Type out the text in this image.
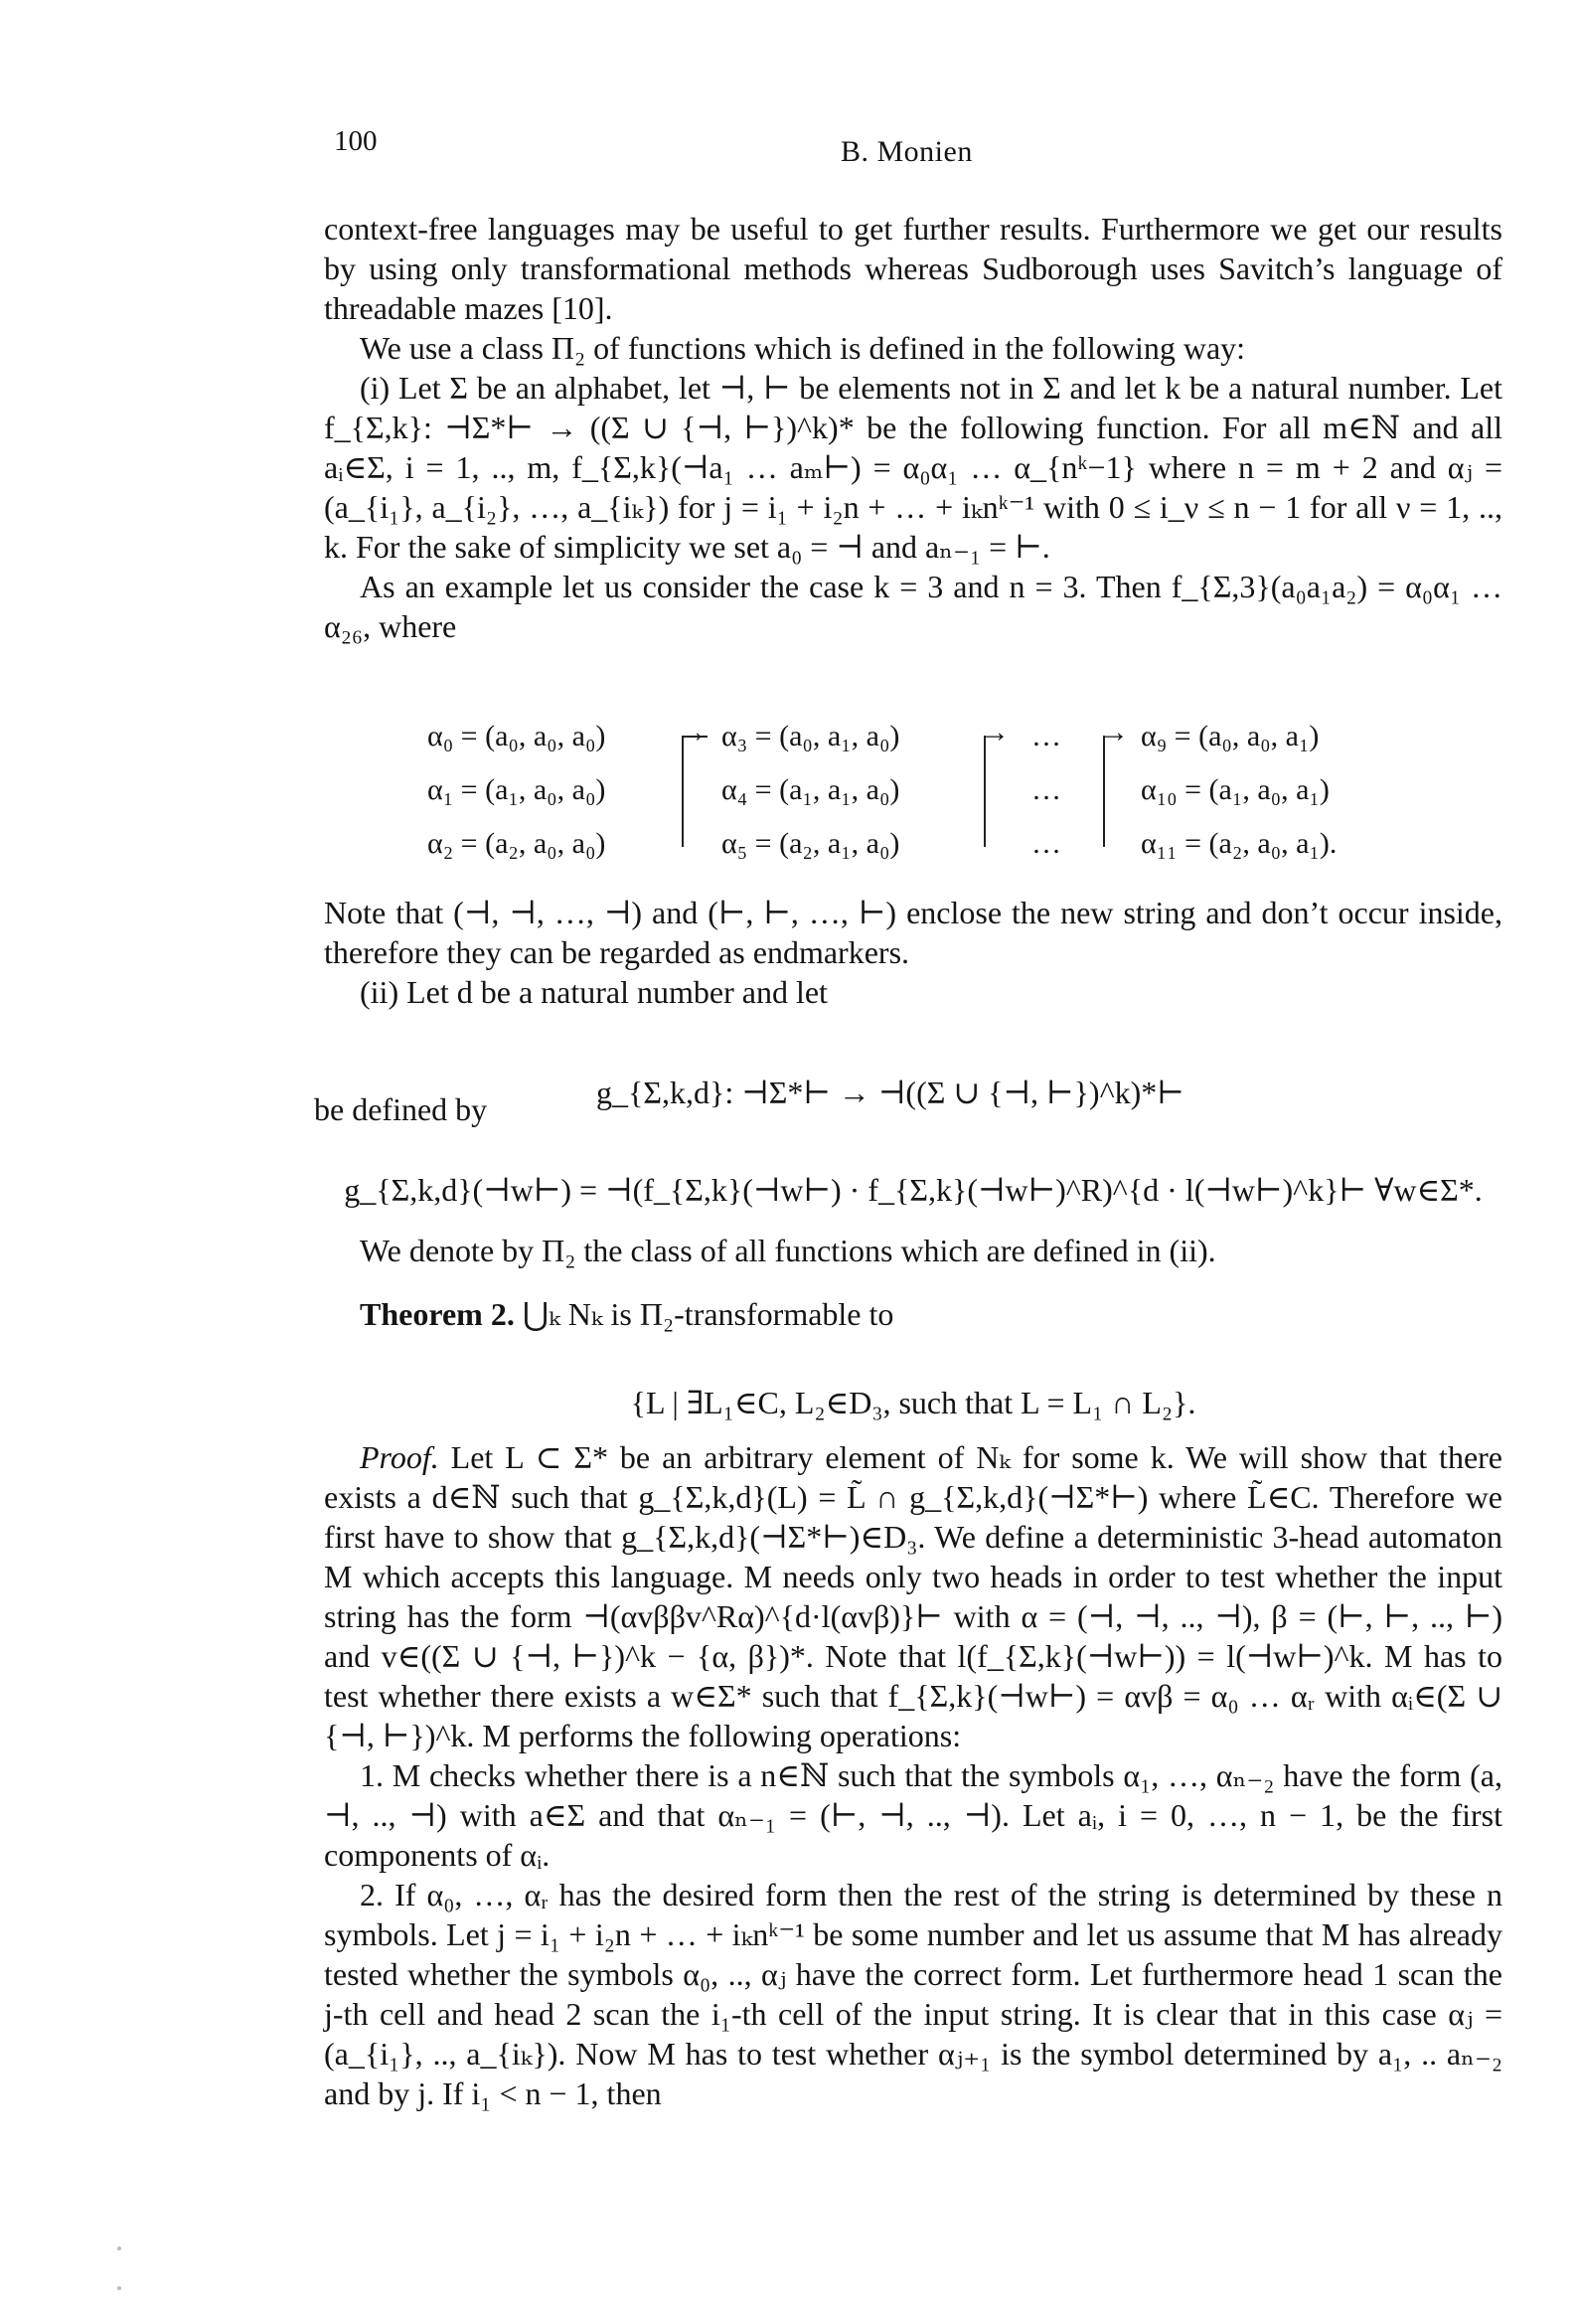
100	B. Monien

context-free languages may be useful to get further results. Furthermore we get our results by using only transformational methods whereas Sudborough uses Savitch’s language of threadable mazes [10].

We use a class Π₂ of functions which is defined in the following way:

(i) Let Σ be an alphabet, let ⊣, ⊢ be elements not in Σ and let k be a natural number. Let f_{Σ,k}: ⊣Σ*⊢ → ((Σ ∪ {⊣, ⊢})^k)* be the following function. For all m∈ℕ and all aᵢ∈Σ, i = 1, .., m, f_{Σ,k}(⊣a₁ … aₘ⊢) = α₀α₁ … α_{nᵏ−1} where n = m + 2 and αⱼ = (a_{i₁}, a_{i₂}, …, a_{iₖ}) for j = i₁ + i₂n + … + iₖnᵏ⁻¹ with 0 ≤ i_ν ≤ n − 1 for all ν = 1, .., k. For the sake of simplicity we set a₀ = ⊣ and aₙ₋₁ = ⊢.

As an example let us consider the case k = 3 and n = 3. Then f_{Σ,3}(a₀a₁a₂) = α₀α₁ … α₂₆, where

α₀ = (a₀, a₀, a₀)
α₁ = (a₁, a₀, a₀)
α₂ = (a₂, a₀, a₀)
→ α₃ = (a₀, a₁, a₀)
α₄ = (a₁, a₁, a₀)
α₅ = (a₂, a₁, a₀)
→ …
…
…
→ α₉ = (a₀, a₀, a₁)
α₁₀ = (a₁, a₀, a₁)
α₁₁ = (a₂, a₀, a₁).

Note that (⊣, ⊣, …, ⊣) and (⊢, ⊢, …, ⊢) enclose the new string and don’t occur inside, therefore they can be regarded as endmarkers.

(ii) Let d be a natural number and let

be defined by	g_{Σ,k,d}: ⊣Σ*⊢ → ⊣((Σ ∪ {⊣, ⊢})^k)*⊢
g_{Σ,k,d}(⊣w⊢) = ⊣(f_{Σ,k}(⊣w⊢) · f_{Σ,k}(⊣w⊢)^R)^{d · l(⊣w⊢)^k}⊢ ∀w∈Σ*.

We denote by Π₂ the class of all functions which are defined in (ii).

Theorem 2. ⋃ₖ Nₖ is Π₂-transformable to

{L | ∃L₁∈C, L₂∈D₃, such that L = L₁ ∩ L₂}.

Proof. Let L ⊂ Σ* be an arbitrary element of Nₖ for some k. We will show that there exists a d∈ℕ such that g_{Σ,k,d}(L) = L̃ ∩ g_{Σ,k,d}(⊣Σ*⊢) where L̃∈C. Therefore we first have to show that g_{Σ,k,d}(⊣Σ*⊢)∈D₃. We define a deterministic 3-head automaton M which accepts this language. M needs only two heads in order to test whether the input string has the form ⊣(αvββv^Rα)^{d·l(αvβ)}⊢ with α = (⊣, ⊣, .., ⊣), β = (⊢, ⊢, .., ⊢) and v∈((Σ ∪ {⊣, ⊢})^k − {α, β})*. Note that l(f_{Σ,k}(⊣w⊢)) = l(⊣w⊢)^k. M has to test whether there exists a w∈Σ* such that f_{Σ,k}(⊣w⊢) = αvβ = α₀ … αᵣ with αᵢ∈(Σ ∪ {⊣, ⊢})^k. M performs the following operations:

1. M checks whether there is a n∈ℕ such that the symbols α₁, …, αₙ₋₂ have the form (a, ⊣, .., ⊣) with a∈Σ and that αₙ₋₁ = (⊢, ⊣, .., ⊣). Let aᵢ, i = 0, …, n − 1, be the first components of αᵢ.

2. If α₀, …, αᵣ has the desired form then the rest of the string is determined by these n symbols. Let j = i₁ + i₂n + … + iₖnᵏ⁻¹ be some number and let us assume that M has already tested whether the symbols α₀, .., αⱼ have the correct form. Let furthermore head 1 scan the j-th cell and head 2 scan the i₁-th cell of the input string. It is clear that in this case αⱼ = (a_{i₁}, .., a_{iₖ}). Now M has to test whether αⱼ₊₁ is the symbol determined by a₁, .. aₙ₋₂ and by j. If i₁ < n − 1, then
